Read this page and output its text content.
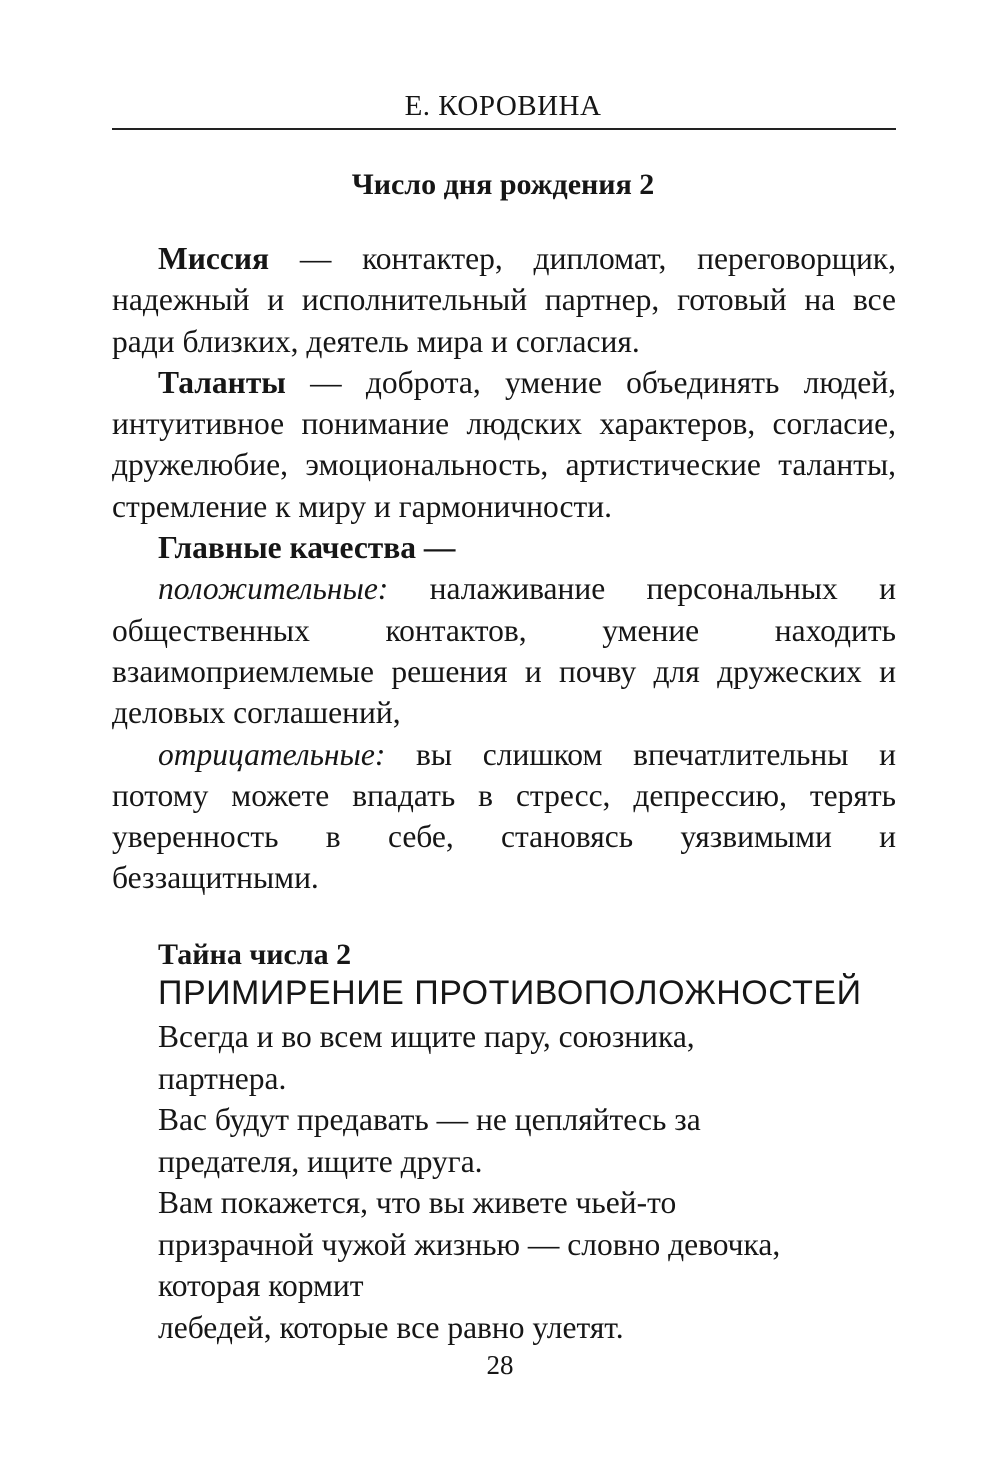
Е. КОРОВИНА
Число дня рождения 2

Миссия — контактер, дипломат, переговорщик, надежный и исполнительный партнер, готовый на все ради близких, деятель мира и согласия.

Таланты — доброта, умение объединять людей, интуитивное понимание людских характеров, согласие, дружелюбие, эмоциональность, артистические таланты, стремление к миру и гармоничности.

Главные качества —

положительные: налаживание персональных и общественных контактов, умение находить взаимоприемлемые решения и почву для дружеских и деловых соглашений,

отрицательные: вы слишком впечатлительны и потому можете впадать в стресс, депрессию, терять уверенность в себе, становясь уязвимыми и беззащитными.

Тайна числа 2
ПРИМИРЕНИЕ ПРОТИВОПОЛОЖНОСТЕЙ
Всегда и во всем ищите пару, союзника,
партнера.
Вас будут предавать — не цепляйтесь за
предателя, ищите друга.
Вам покажется, что вы живете чьей-то
призрачной чужой жизнью — словно девочка,
которая кормит
лебедей, которые все равно улетят.
28
